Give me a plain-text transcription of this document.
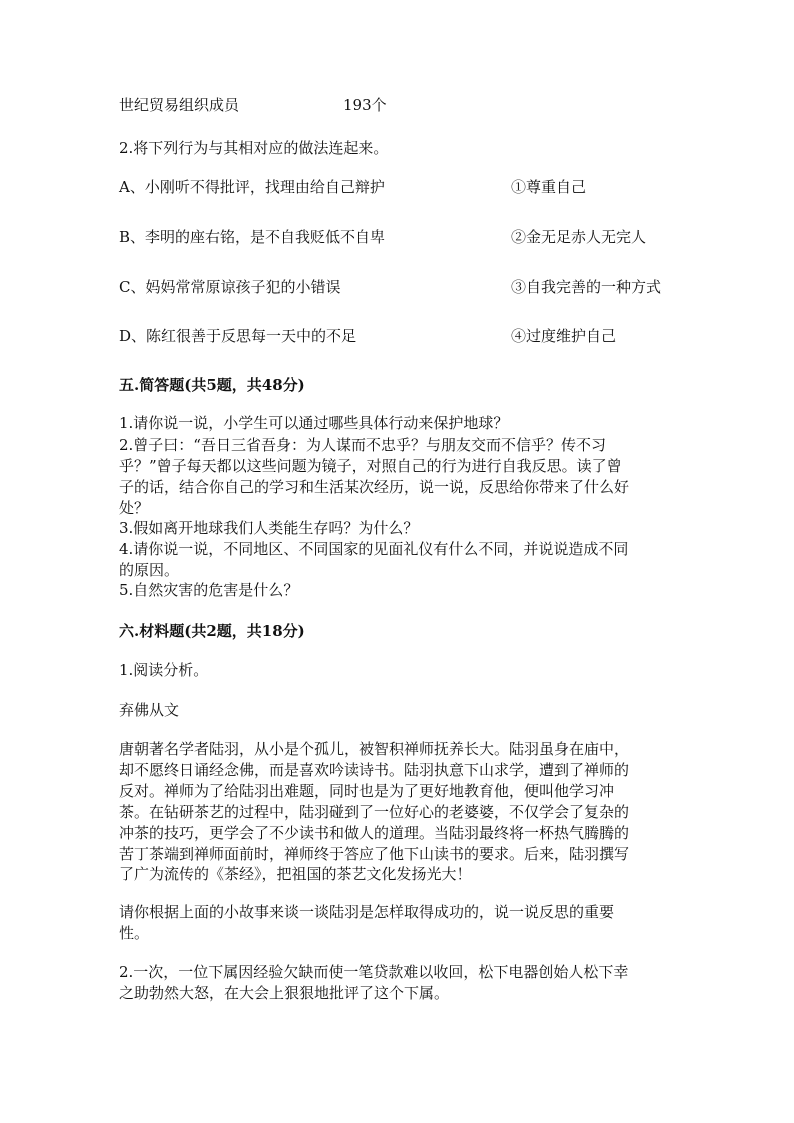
世纪贸易组织成员	193个
2.将下列行为与其相对应的做法连起来。
A、小刚听不得批评，找理由给自己辩护	①尊重自己
B、李明的座右铭，是不自我贬低不自卑	②金无足赤人无完人
C、妈妈常常原谅孩子犯的小错误	③自我完善的一种方式
D、陈红很善于反思每一天中的不足	④过度维护自己
五.简答题(共5题，共48分)
1.请你说一说，小学生可以通过哪些具体行动来保护地球？
2.曾子曰：“吾日三省吾身：为人谋而不忠乎？与朋友交而不信乎？传不习
乎？”曾子每天都以这些问题为镜子，对照自己的行为进行自我反思。读了曾
子的话，结合你自己的学习和生活某次经历，说一说，反思给你带来了什么好
处？
3.假如离开地球我们人类能生存吗？为什么？
4.请你说一说，不同地区、不同国家的见面礼仪有什么不同，并说说造成不同
的原因。
5.自然灾害的危害是什么？
六.材料题(共2题，共18分)
1.阅读分析。
弃佛从文
唐朝著名学者陆羽，从小是个孤儿，被智积禅师抚养长大。陆羽虽身在庙中，
却不愿终日诵经念佛，而是喜欢吟读诗书。陆羽执意下山求学，遭到了禅师的
反对。禅师为了给陆羽出难题，同时也是为了更好地教育他，便叫他学习冲
茶。在钻研茶艺的过程中，陆羽碰到了一位好心的老婆婆，不仅学会了复杂的
冲茶的技巧，更学会了不少读书和做人的道理。当陆羽最终将一杯热气腾腾的
苦丁茶端到禅师面前时，禅师终于答应了他下山读书的要求。后来，陆羽撰写
了广为流传的《茶经》，把祖国的茶艺文化发扬光大！
请你根据上面的小故事来谈一谈陆羽是怎样取得成功的，说一说反思的重要
性。
2.一次，一位下属因经验欠缺而使一笔贷款难以收回，松下电器创始人松下幸
之助勃然大怒，在大会上狠狠地批评了这个下属。
